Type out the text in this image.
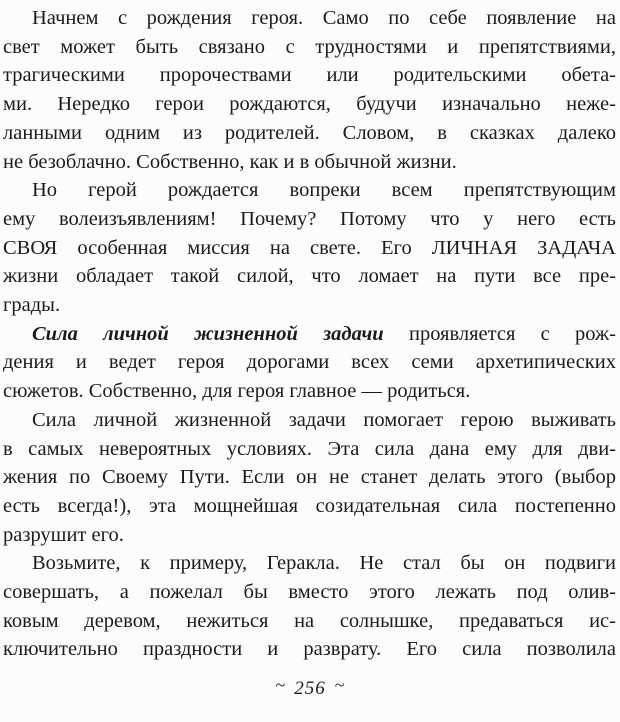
Начнем с рождения героя. Само по себе появление на
свет может быть связано с трудностями и препятствиями,
трагическими пророчествами или родительскими обета-
ми. Нередко герои рождаются, будучи изначально неже-
ланными одним из родителей. Словом, в сказках далеко
не безоблачно. Собственно, как и в обычной жизни.
Но герой рождается вопреки всем препятствующим
ему волеизъявлениям! Почему? Потому что у него есть
СВОЯ особенная миссия на свете. Его ЛИЧНАЯ ЗАДАЧА
жизни обладает такой силой, что ломает на пути все пре-
грады.
Сила личной жизненной задачи проявляется с рож-
дения и ведет героя дорогами всех семи архетипических
сюжетов. Собственно, для героя главное — родиться.
Сила личной жизненной задачи помогает герою выживать
в самых невероятных условиях. Эта сила дана ему для дви-
жения по Своему Пути. Если он не станет делать этого (выбор
есть всегда!), эта мощнейшая созидательная сила постепенно
разрушит его.
Возьмите, к примеру, Геракла. Не стал бы он подвиги
совершать, а пожелал бы вместо этого лежать под олив-
ковым деревом, нежиться на солнышке, предаваться ис-
ключительно праздности и разврату. Его сила позволила
~ 256 ~
